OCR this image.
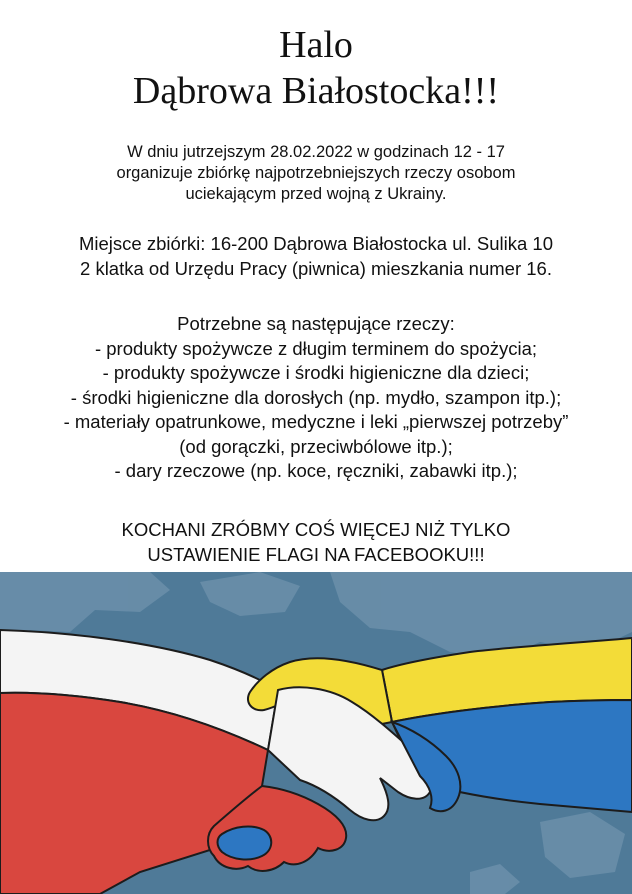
Halo
Dąbrowa Białostocka!!!
W dniu jutrzejszym 28.02.2022 w godzinach 12 - 17
organizuje zbiórkę najpotrzebniejszych rzeczy osobom
uciekającym przed wojną z Ukrainy.
Miejsce zbiórki: 16-200 Dąbrowa Białostocka ul. Sulika 10
2 klatka od Urzędu Pracy (piwnica) mieszkania numer 16.
Potrzebne są następujące rzeczy:
- produkty spożywcze z długim terminem do spożycia;
- produkty spożywcze i środki higieniczne dla dzieci;
- środki higieniczne dla dorosłych (np. mydło, szampon itp.);
- materiały opatrunkowe, medyczne i leki „pierwszej potrzeby”
(od gorączki, przeciwbólowe itp.);
- dary rzeczowe (np. koce, ręczniki, zabawki itp.);
KOCHANI ZRÓBMY COŚ WIĘCEJ NIŻ TYLKO
USTAWIENIE FLAGI NA FACEBOOKU!!!
